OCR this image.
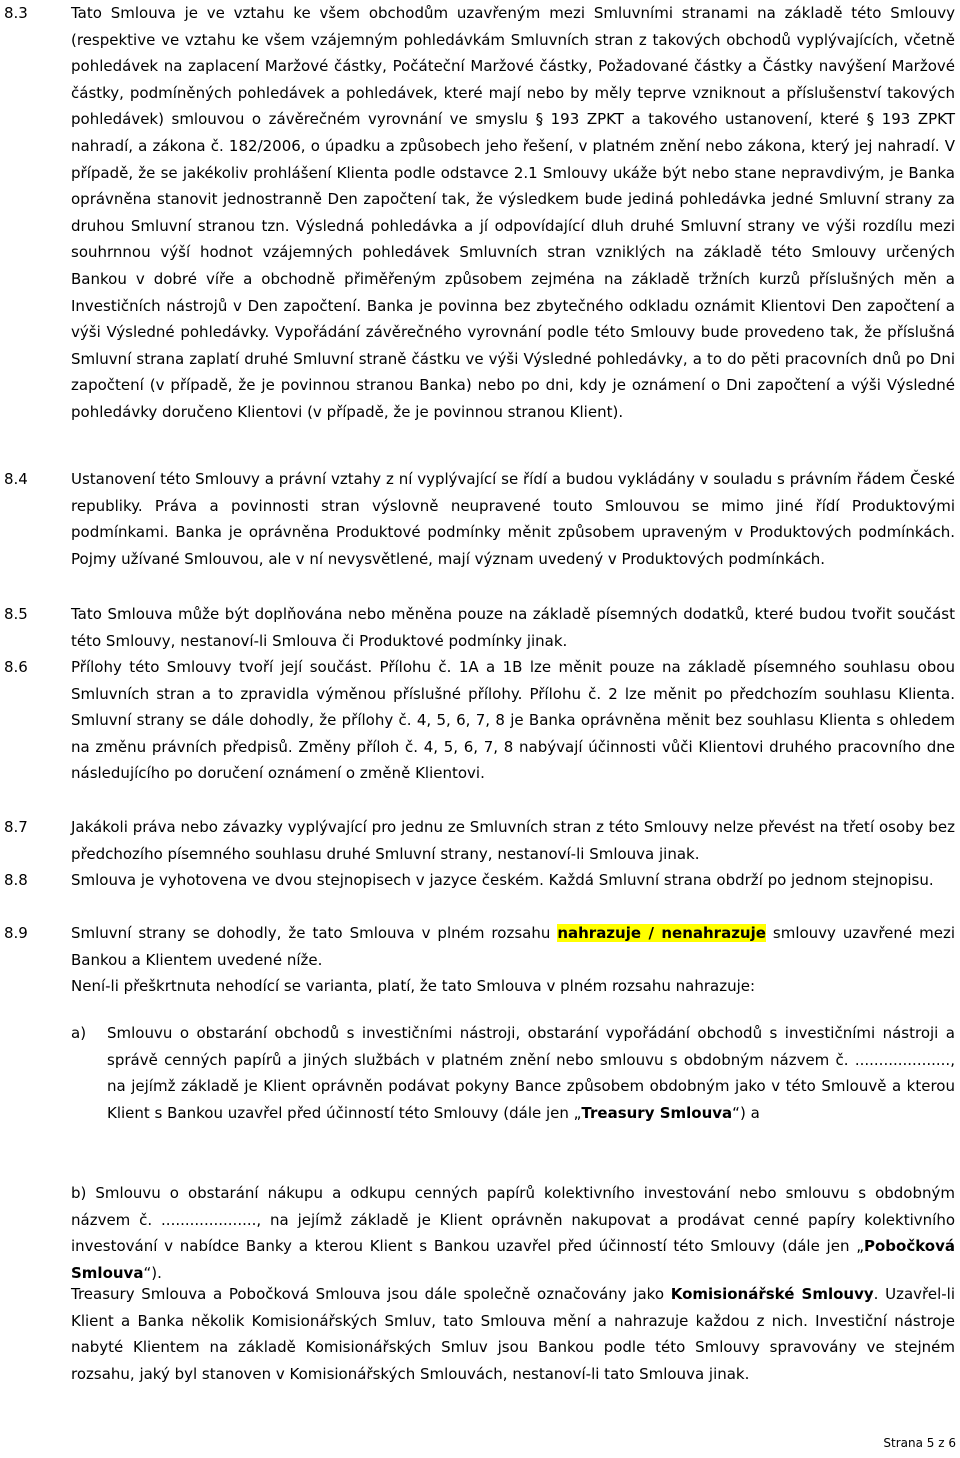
8.3	Tato Smlouva je ve vztahu ke všem obchodům uzavřeným mezi Smluvními stranami na základě této Smlouvy (respektive ve vztahu ke všem vzájemným pohledávkám Smluvních stran z takových obchodů vyplývajících, včetně pohledávek na zaplacení Maržové částky, Počáteční Maržové částky, Požadované částky a Částky navýšení Maržové částky, podmíněných pohledávek a pohledávek, které mají nebo by měly teprve vzniknout a příslušenství takových pohledávek) smlouvou o závěrečném vyrovnání ve smyslu § 193 ZPKT a takového ustanovení, které § 193 ZPKT nahradí, a zákona č. 182/2006, o úpadku a způsobech jeho řešení, v platném znění nebo zákona, který jej nahradí. V případě, že se jakékoliv prohlášení Klienta podle odstavce 2.1 Smlouvy ukáže být nebo stane nepravdivým, je Banka oprávněna stanovit jednostranně Den započtení tak, že výsledkem bude jediná pohledávka jedné Smluvní strany za druhou Smluvní stranou tzn. Výsledná pohledávka a jí odpovídající dluh druhé Smluvní strany ve výši rozdílu mezi souhrnnou výší hodnot vzájemných pohledávek Smluvních stran vzniklých na základě této Smlouvy určených Bankou v dobré víře a obchodně přiměřeným způsobem zejména na základě tržních kurzů příslušných měn a Investičních nástrojů v Den započtení. Banka je povinna bez zbytečného odkladu oznámit Klientovi Den započtení a výši Výsledné pohledávky. Vypořádání závěrečného vyrovnání podle této Smlouvy bude provedeno tak, že příslušná Smluvní strana zaplatí druhé Smluvní straně částku ve výši Výsledné pohledávky, a to do pěti pracovních dnů po Dni započtení (v případě, že je povinnou stranou Banka) nebo po dni, kdy je oznámení o Dni započtení a výši Výsledné pohledávky doručeno Klientovi (v případě, že je povinnou stranou Klient).
8.4	Ustanovení této Smlouvy a právní vztahy z ní vyplývající se řídí a budou vykládány v souladu s právním řádem České republiky. Práva a povinnosti stran výslovně neupravené touto Smlouvou se mimo jiné řídí Produktovými podmínkami. Banka je oprávněna Produktové podmínky měnit způsobem upraveným v Produktových podmínkách. Pojmy užívané Smlouvou, ale v ní nevysvětlené, mají význam uvedený v Produktových podmínkách.
8.5	Tato Smlouva může být doplňována nebo měněna pouze na základě písemných dodatků, které budou tvořit součást této Smlouvy, nestanoví-li Smlouva či Produktové podmínky jinak.
8.6	Přílohy této Smlouvy tvoří její součást. Přílohu č. 1A a 1B lze měnit pouze na základě písemného souhlasu obou Smluvních stran a to zpravidla výměnou příslušné přílohy. Přílohu č. 2 lze měnit po předchozím souhlasu Klienta. Smluvní strany se dále dohodly, že přílohy č. 4, 5, 6, 7, 8 je Banka oprávněna měnit bez souhlasu Klienta s ohledem na změnu právních předpisů. Změny příloh č. 4, 5, 6, 7, 8 nabývají účinnosti vůči Klientovi druhého pracovního dne následujícího po doručení oznámení o změně Klientovi.
8.7	Jakákoli práva nebo závazky vyplývající pro jednu ze Smluvních stran z této Smlouvy nelze převést na třetí osoby bez předchozího písemného souhlasu druhé Smluvní strany, nestanoví-li Smlouva jinak.
8.8	Smlouva je vyhotovena ve dvou stejnopisech v jazyce českém. Každá Smluvní strana obdrží po jednom stejnopisu.
8.9	Smluvní strany se dohodly, že tato Smlouva v plném rozsahu nahrazuje / nenahrazuje smlouvy uzavřené mezi Bankou a Klientem uvedené níže.
Není-li přeškrtnuta nehodící se varianta, platí, že tato Smlouva v plném rozsahu nahrazuje:
a) Smlouvu o obstarání obchodů s investičními nástroji, obstarání vypořádání obchodů s investičními nástroji a správě cenných papírů a jiných službách v platném znění nebo smlouvu s obdobným názvem č. ...................., na jejímž základě je Klient oprávněn podávat pokyny Bance způsobem obdobným jako v této Smlouvě a kterou Klient s Bankou uzavřel před účinností této Smlouvy (dále jen „Treasury Smlouva“) a
b) Smlouvu o obstarání nákupu a odkupu cenných papírů kolektivního investování nebo smlouvu s obdobným názvem č. ...................., na jejímž základě je Klient oprávněn nakupovat a prodávat cenné papíry kolektivního investování v nabídce Banky a kterou Klient s Bankou uzavřel před účinností této Smlouvy (dále jen „Pobočková Smlouva“).
Treasury Smlouva a Pobočková Smlouva jsou dále společně označovány jako Komisionářské Smlouvy. Uzavřel-li Klient a Banka několik Komisionářských Smluv, tato Smlouva mění a nahrazuje každou z nich. Investiční nástroje nabyté Klientem na základě Komisionářských Smluv jsou Bankou podle této Smlouvy spravovány ve stejném rozsahu, jaký byl stanoven v Komisionářských Smlouvách, nestanoví-li tato Smlouva jinak.
Strana 5 z 6
